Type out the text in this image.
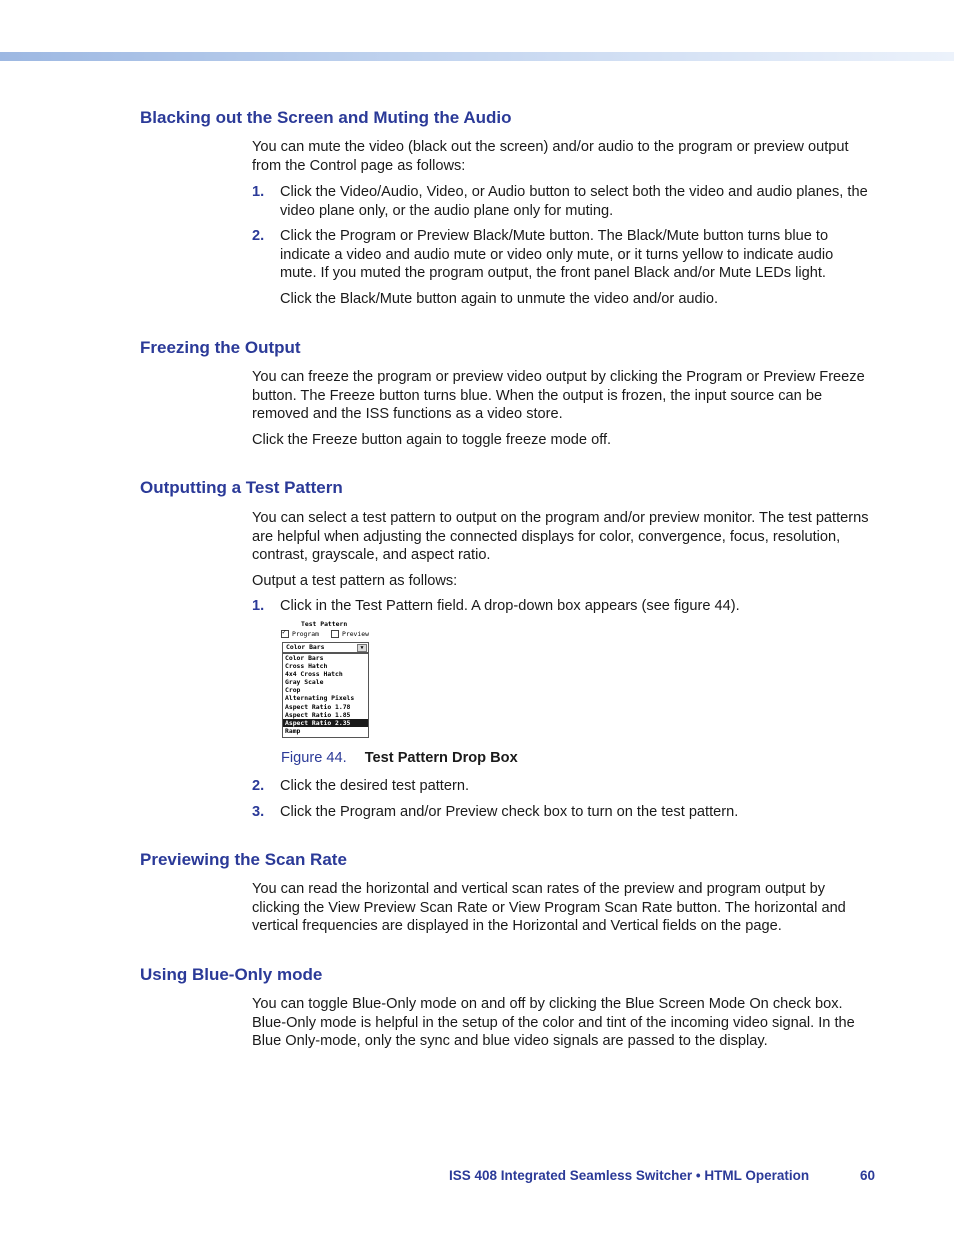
Blacking out the Screen and Muting the Audio

You can mute the video (black out the screen) and/or audio to the program or preview output from the Control page as follows:

1. Click the Video/Audio, Video, or Audio button to select both the video and audio planes, the video plane only, or the audio plane only for muting.
2. Click the Program or Preview Black/Mute button. The Black/Mute button turns blue to indicate a video and audio mute or video only mute, or it turns yellow to indicate audio mute. If you muted the program output, the front panel Black and/or Mute LEDs light.

Click the Black/Mute button again to unmute the video and/or audio.

Freezing the Output

You can freeze the program or preview video output by clicking the Program or Preview Freeze button. The Freeze button turns blue. When the output is frozen, the input source can be removed and the ISS functions as a video store.

Click the Freeze button again to toggle freeze mode off.

Outputting a Test Pattern

You can select a test pattern to output on the program and/or preview monitor. The test patterns are helpful when adjusting the connected displays for color, convergence, focus, resolution, contrast, grayscale, and aspect ratio.

Output a test pattern as follows:

1. Click in the Test Pattern field. A drop-down box appears (see figure 44).
Test Pattern
✓
Program	Preview
Color Bars	▼
Color Bars
Cross Hatch
4x4 Cross Hatch
Gray Scale
Crop
Alternating Pixels
Aspect Ratio 1.78
Aspect Ratio 1.85
Aspect Ratio 2.35
Ramp
Figure 44. Test Pattern Drop Box
2. Click the desired test pattern.
3. Click the Program and/or Preview check box to turn on the test pattern.
Previewing the Scan Rate

You can read the horizontal and vertical scan rates of the preview and program output by clicking the View Preview Scan Rate or View Program Scan Rate button. The horizontal and vertical frequencies are displayed in the Horizontal and Vertical fields on the page.

Using Blue-Only mode

You can toggle Blue-Only mode on and off by clicking the Blue Screen Mode On check box. Blue-Only mode is helpful in the setup of the color and tint of the incoming video signal. In the Blue Only-mode, only the sync and blue video signals are passed to the display.

ISS 408 Integrated Seamless Switcher • HTML Operation	60
